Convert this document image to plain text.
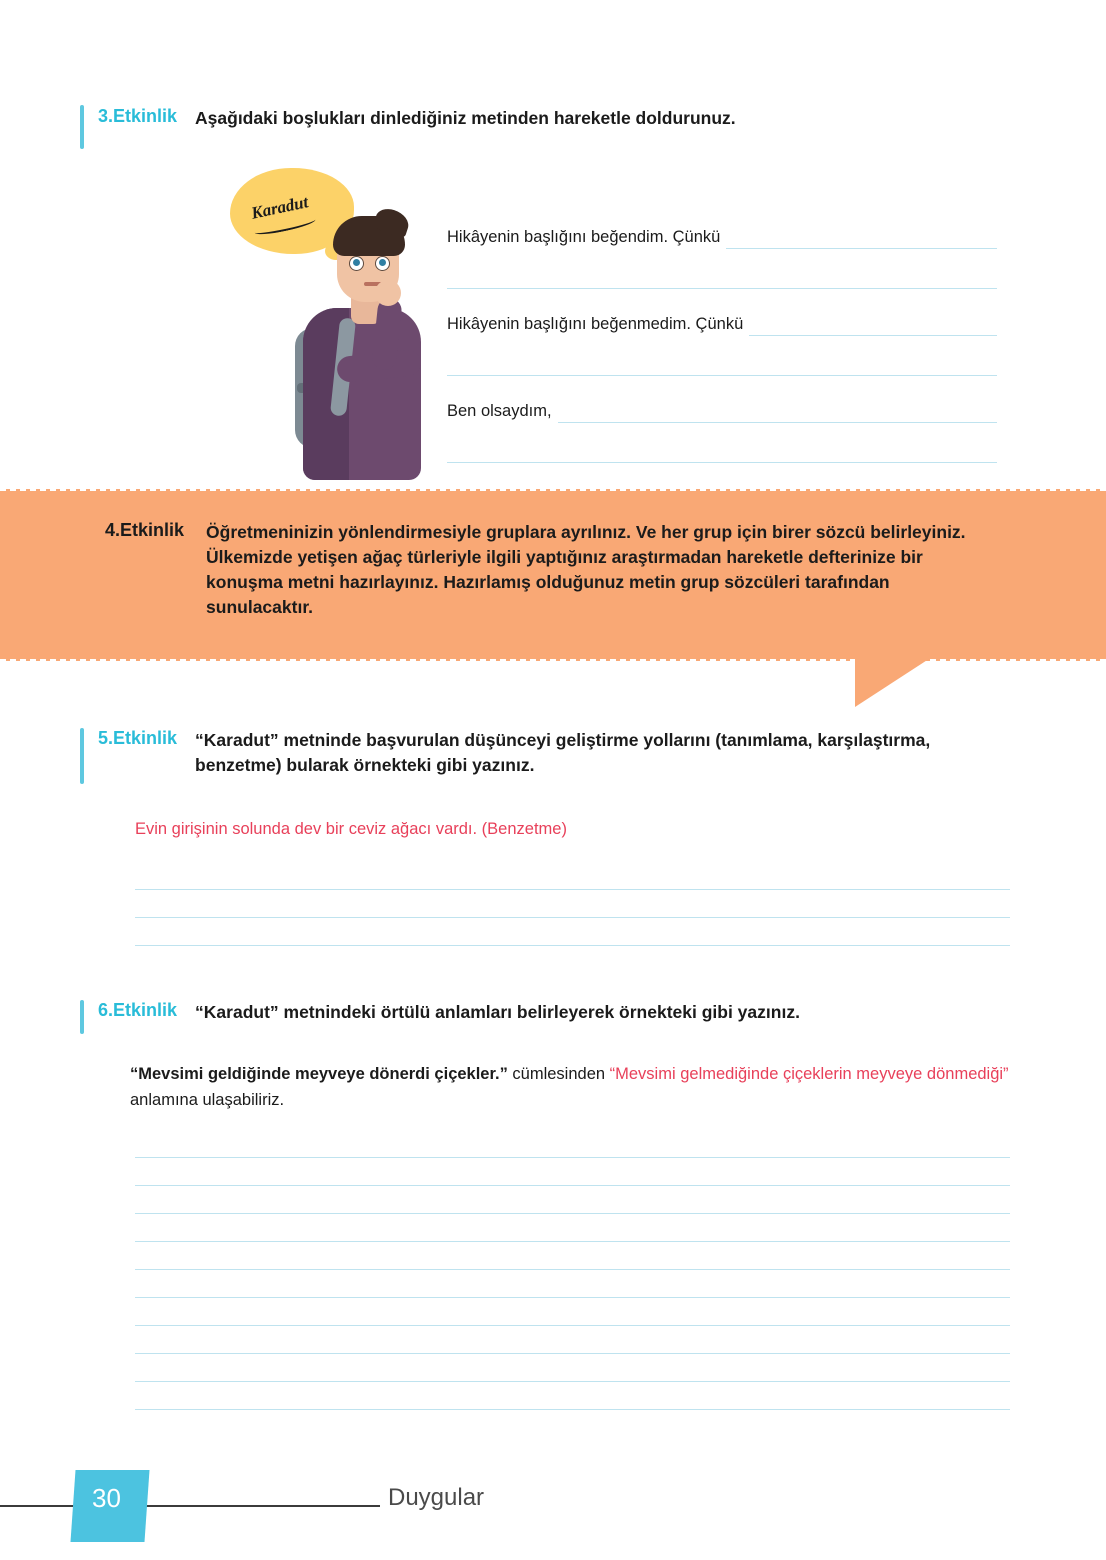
3.Etkinlik Aşağıdaki boşlukları dinlediğiniz metinden hareketle doldurunuz.
Karadut
Hikâyenin başlığını beğendim. Çünkü
Hikâyenin başlığını beğenmedim. Çünkü
Ben olsaydım,
4.Etkinlik Öğretmeninizin yönlendirmesiyle gruplara ayrılınız. Ve her grup için birer sözcü belirleyiniz. Ülkemizde yetişen ağaç türleriyle ilgili yaptığınız araştırmadan hareketle defterinize bir konuşma metni hazırlayınız. Hazırlamış olduğunuz metin grup sözcüleri tarafından sunulacaktır.
5.Etkinlik “Karadut” metninde başvurulan düşünceyi geliştirme yollarını (tanımlama, karşılaştırma, benzetme) bularak örnekteki gibi yazınız.
Evin girişinin solunda dev bir ceviz ağacı vardı. (Benzetme)
6.Etkinlik “Karadut” metnindeki örtülü anlamları belirleyerek örnekteki gibi yazınız.
“Mevsimi geldiğinde meyveye dönerdi çiçekler.” cümlesinden “Mevsimi gelmediğinde çiçeklerin meyveye dönmediği” anlamına ulaşabiliriz.
30	Duygular
